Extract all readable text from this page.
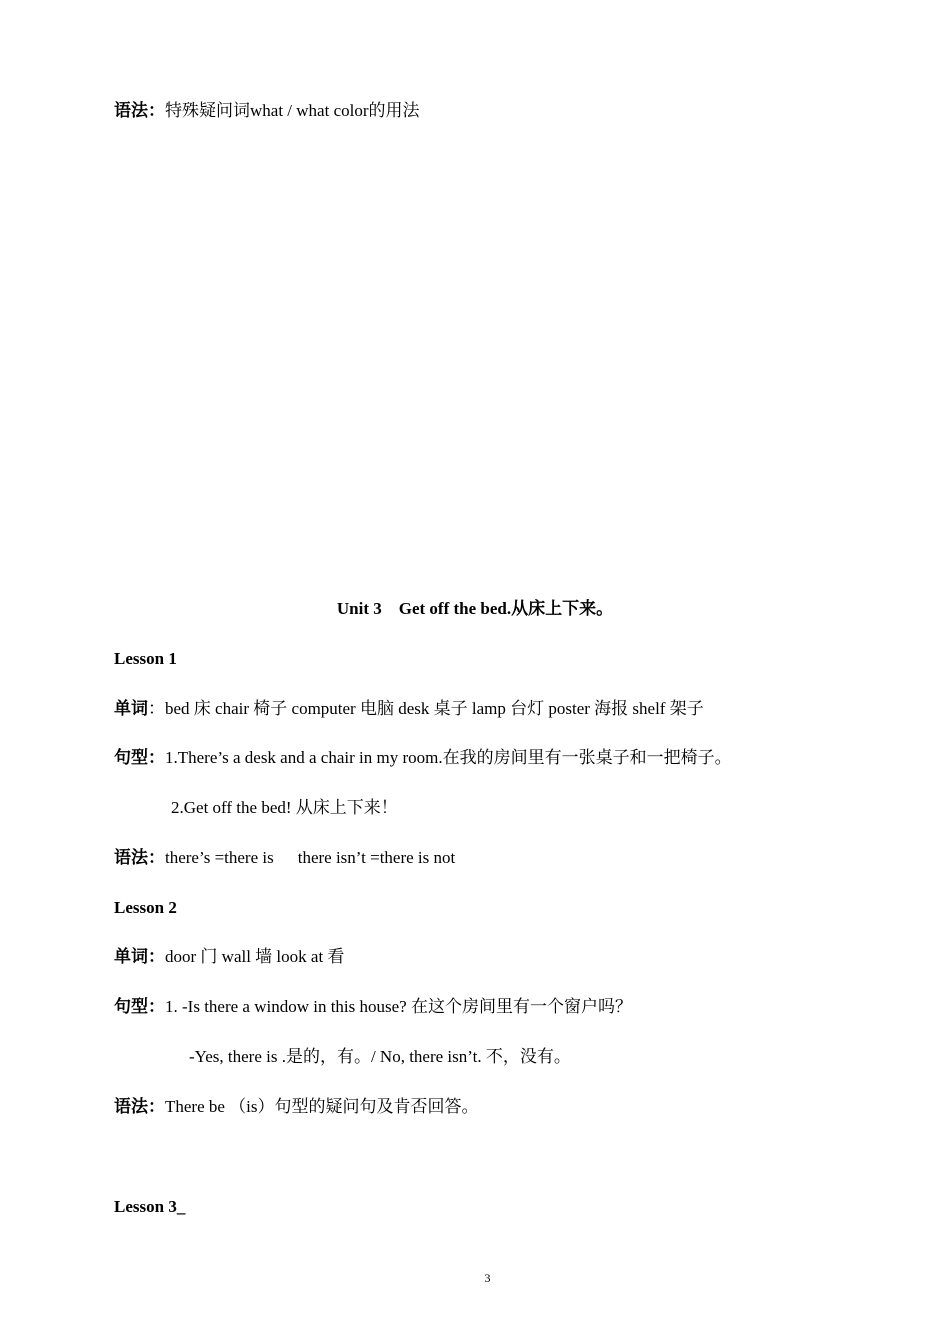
语法：特殊疑问词what / what color的用法
Unit 3　Get off the bed.从床上下来。
Lesson 1
单词：bed 床 chair 椅子 computer 电脑 desk 桌子 lamp 台灯 poster 海报 shelf 架子
句型：1.There’s a desk and a chair in my room.在我的房间里有一张桌子和一把椅子。
2.Get off the bed! 从床上下来！
语法：there’s =there is there isn’t =there is not
Lesson 2
单词：door 门 wall 墙 look at 看
句型：1. -Is there a window in this house? 在这个房间里有一个窗户吗？
-Yes, there is .是的，有。/ No, there isn’t. 不，没有。
语法：There be （is）句型的疑问句及肯否回答。
Lesson 3_
3
